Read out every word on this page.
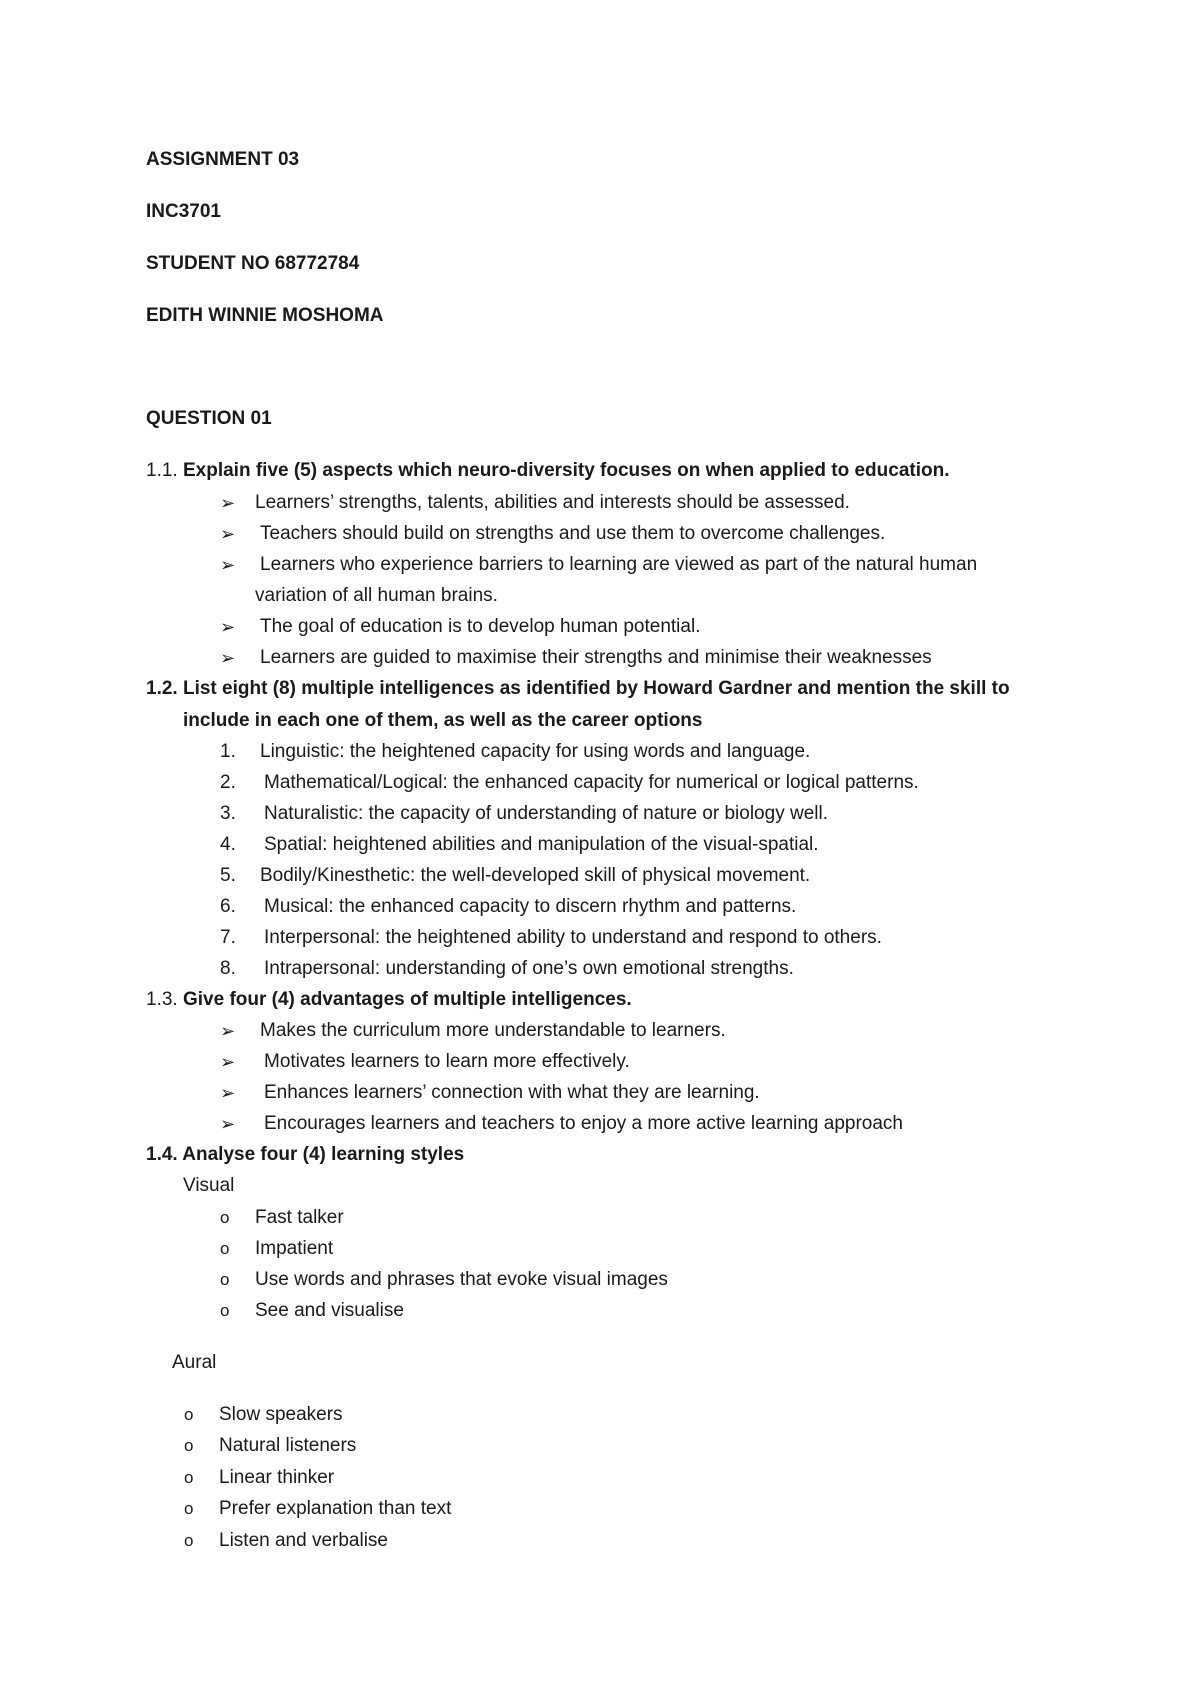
ASSIGNMENT 03
INC3701
STUDENT NO 68772784
EDITH WINNIE MOSHOMA
QUESTION 01
1.1. Explain five (5) aspects which neuro-diversity focuses on when applied to education.
➢ Learners’ strengths, talents, abilities and interests should be assessed.
➢ Teachers should build on strengths and use them to overcome challenges.
➢ Learners who experience barriers to learning are viewed as part of the natural human
variation of all human brains.
➢ The goal of education is to develop human potential.
➢ Learners are guided to maximise their strengths and minimise their weaknesses
1.2. List eight (8) multiple intelligences as identified by Howard Gardner and mention the skill to
include in each one of them, as well as the career options
1. Linguistic: the heightened capacity for using words and language.
2. Mathematical/Logical: the enhanced capacity for numerical or logical patterns.
3. Naturalistic: the capacity of understanding of nature or biology well.
4. Spatial: heightened abilities and manipulation of the visual-spatial.
5. Bodily/Kinesthetic: the well-developed skill of physical movement.
6. Musical: the enhanced capacity to discern rhythm and patterns.
7. Interpersonal: the heightened ability to understand and respond to others.
8. Intrapersonal: understanding of one’s own emotional strengths.
1.3. Give four (4) advantages of multiple intelligences.
➢ Makes the curriculum more understandable to learners.
➢ Motivates learners to learn more effectively.
➢ Enhances learners’ connection with what they are learning.
➢ Encourages learners and teachers to enjoy a more active learning approach
1.4. Analyse four (4) learning styles
Visual
o Fast talker
o Impatient
o Use words and phrases that evoke visual images
o See and visualise
Aural
o Slow speakers
o Natural listeners
o Linear thinker
o Prefer explanation than text
o Listen and verbalise
